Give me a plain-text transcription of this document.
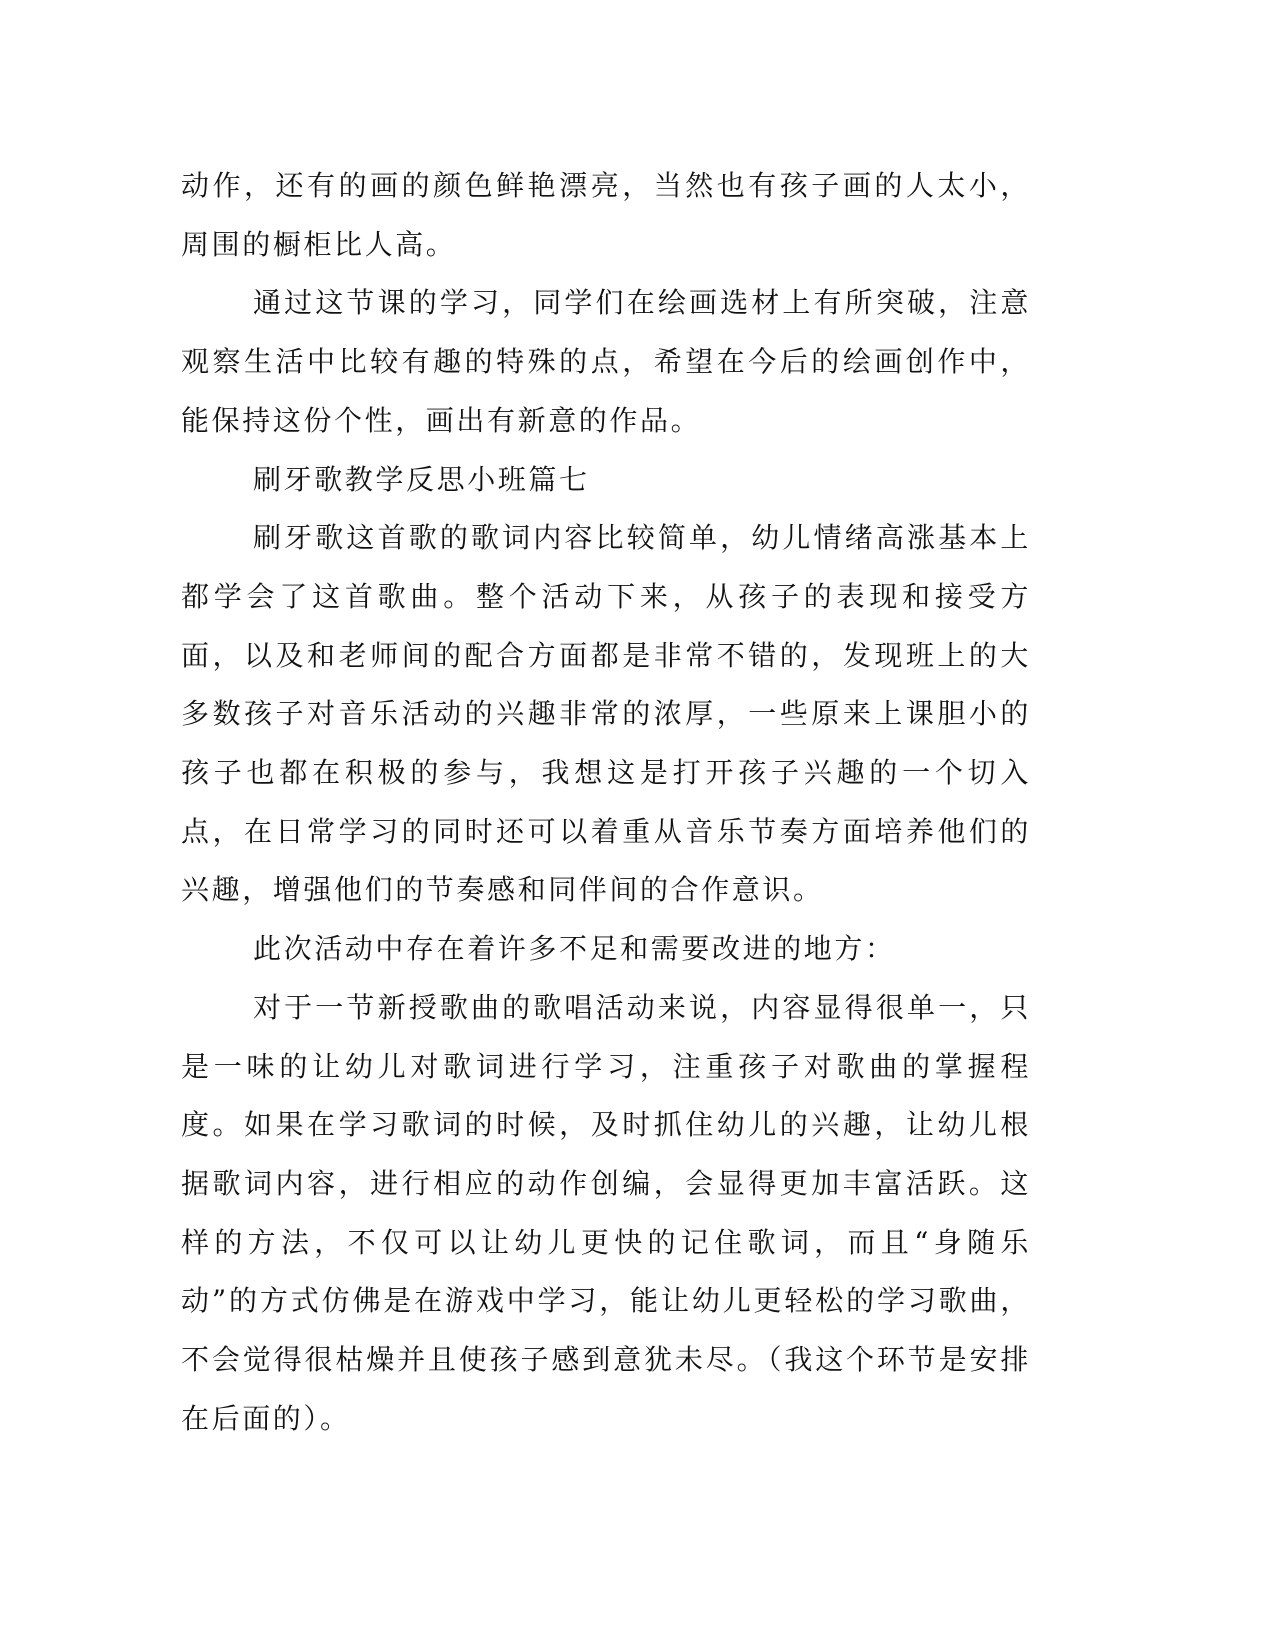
动作，还有的画的颜色鲜艳漂亮，当然也有孩子画的人太小，周围的橱柜比人高。

通过这节课的学习，同学们在绘画选材上有所突破，注意观察生活中比较有趣的特殊的点，希望在今后的绘画创作中，能保持这份个性，画出有新意的作品。

刷牙歌教学反思小班篇七

刷牙歌这首歌的歌词内容比较简单，幼儿情绪高涨基本上都学会了这首歌曲。整个活动下来，从孩子的表现和接受方面，以及和老师间的配合方面都是非常不错的，发现班上的大多数孩子对音乐活动的兴趣非常的浓厚，一些原来上课胆小的孩子也都在积极的参与，我想这是打开孩子兴趣的一个切入点，在日常学习的同时还可以着重从音乐节奏方面培养他们的兴趣，增强他们的节奏感和同伴间的合作意识。

此次活动中存在着许多不足和需要改进的地方：

对于一节新授歌曲的歌唱活动来说，内容显得很单一，只是一味的让幼儿对歌词进行学习，注重孩子对歌曲的掌握程度。如果在学习歌词的时候，及时抓住幼儿的兴趣，让幼儿根据歌词内容，进行相应的动作创编，会显得更加丰富活跃。这样的方法，不仅可以让幼儿更快的记住歌词，而且“身随乐动”的方式仿佛是在游戏中学习，能让幼儿更轻松的学习歌曲，不会觉得很枯燥并且使孩子感到意犹未尽。（我这个环节是安排在后面的）。
